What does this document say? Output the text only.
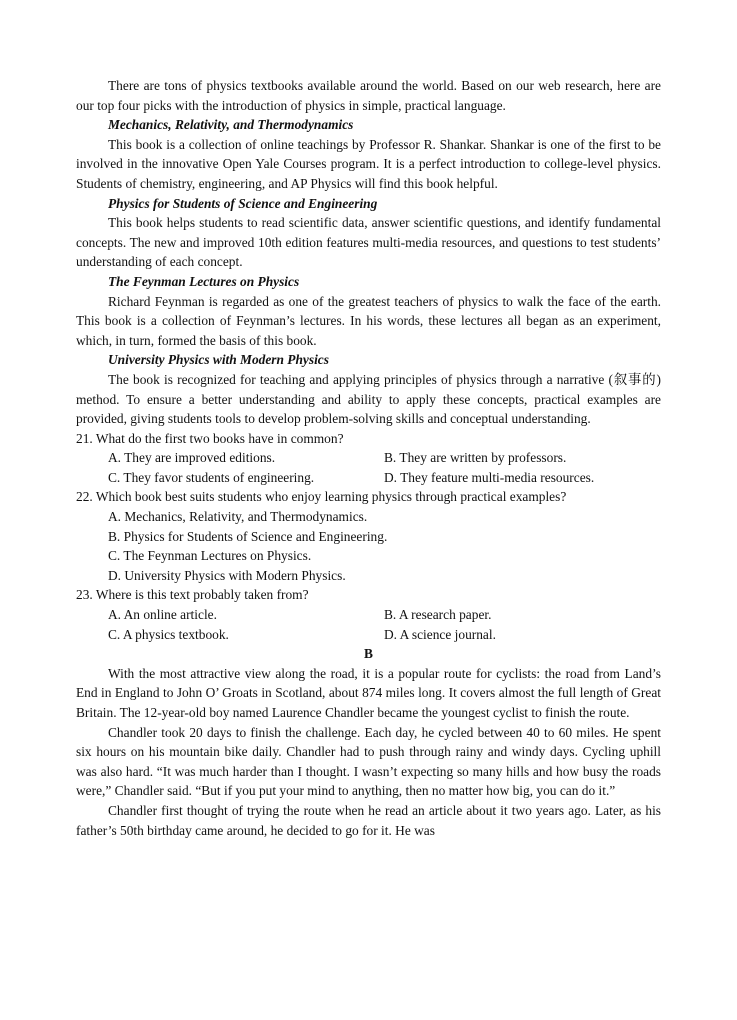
There are tons of physics textbooks available around the world. Based on our web research, here are our top four picks with the introduction of physics in simple, practical language.

Mechanics, Relativity, and Thermodynamics

This book is a collection of online teachings by Professor R. Shankar. Shankar is one of the first to be involved in the innovative Open Yale Courses program. It is a perfect introduction to college-level physics. Students of chemistry, engineering, and AP Physics will find this book helpful.

Physics for Students of Science and Engineering

This book helps students to read scientific data, answer scientific questions, and identify fundamental concepts. The new and improved 10th edition features multi-media resources, and questions to test students’ understanding of each concept.

The Feynman Lectures on Physics

Richard Feynman is regarded as one of the greatest teachers of physics to walk the face of the earth. This book is a collection of Feynman’s lectures. In his words, these lectures all began as an experiment, which, in turn, formed the basis of this book.

University Physics with Modern Physics

The book is recognized for teaching and applying principles of physics through a narrative (叙事的) method. To ensure a better understanding and ability to apply these concepts, practical examples are provided, giving students tools to develop problem-solving skills and conceptual understanding.

21. What do the first two books have in common?

A. They are improved editions.	B. They are written by professors.
C. They favor students of engineering.	D. They feature multi-media resources.

22. Which book best suits students who enjoy learning physics through practical examples?

A. Mechanics, Relativity, and Thermodynamics.

B. Physics for Students of Science and Engineering.

C. The Feynman Lectures on Physics.

D. University Physics with Modern Physics.

23. Where is this text probably taken from?

A. An online article.	B. A research paper.
C. A physics textbook.	D. A science journal.

B

With the most attractive view along the road, it is a popular route for cyclists: the road from Land’s End in England to John O’ Groats in Scotland, about 874 miles long. It covers almost the full length of Great Britain. The 12-year-old boy named Laurence Chandler became the youngest cyclist to finish the route.

Chandler took 20 days to finish the challenge. Each day, he cycled between 40 to 60 miles. He spent six hours on his mountain bike daily. Chandler had to push through rainy and windy days. Cycling uphill was also hard. “It was much harder than I thought. I wasn’t expecting so many hills and how busy the roads were,” Chandler said. “But if you put your mind to anything, then no matter how big, you can do it.”

Chandler first thought of trying the route when he read an article about it two years ago. Later, as his father’s 50th birthday came around, he decided to go for it. He was
